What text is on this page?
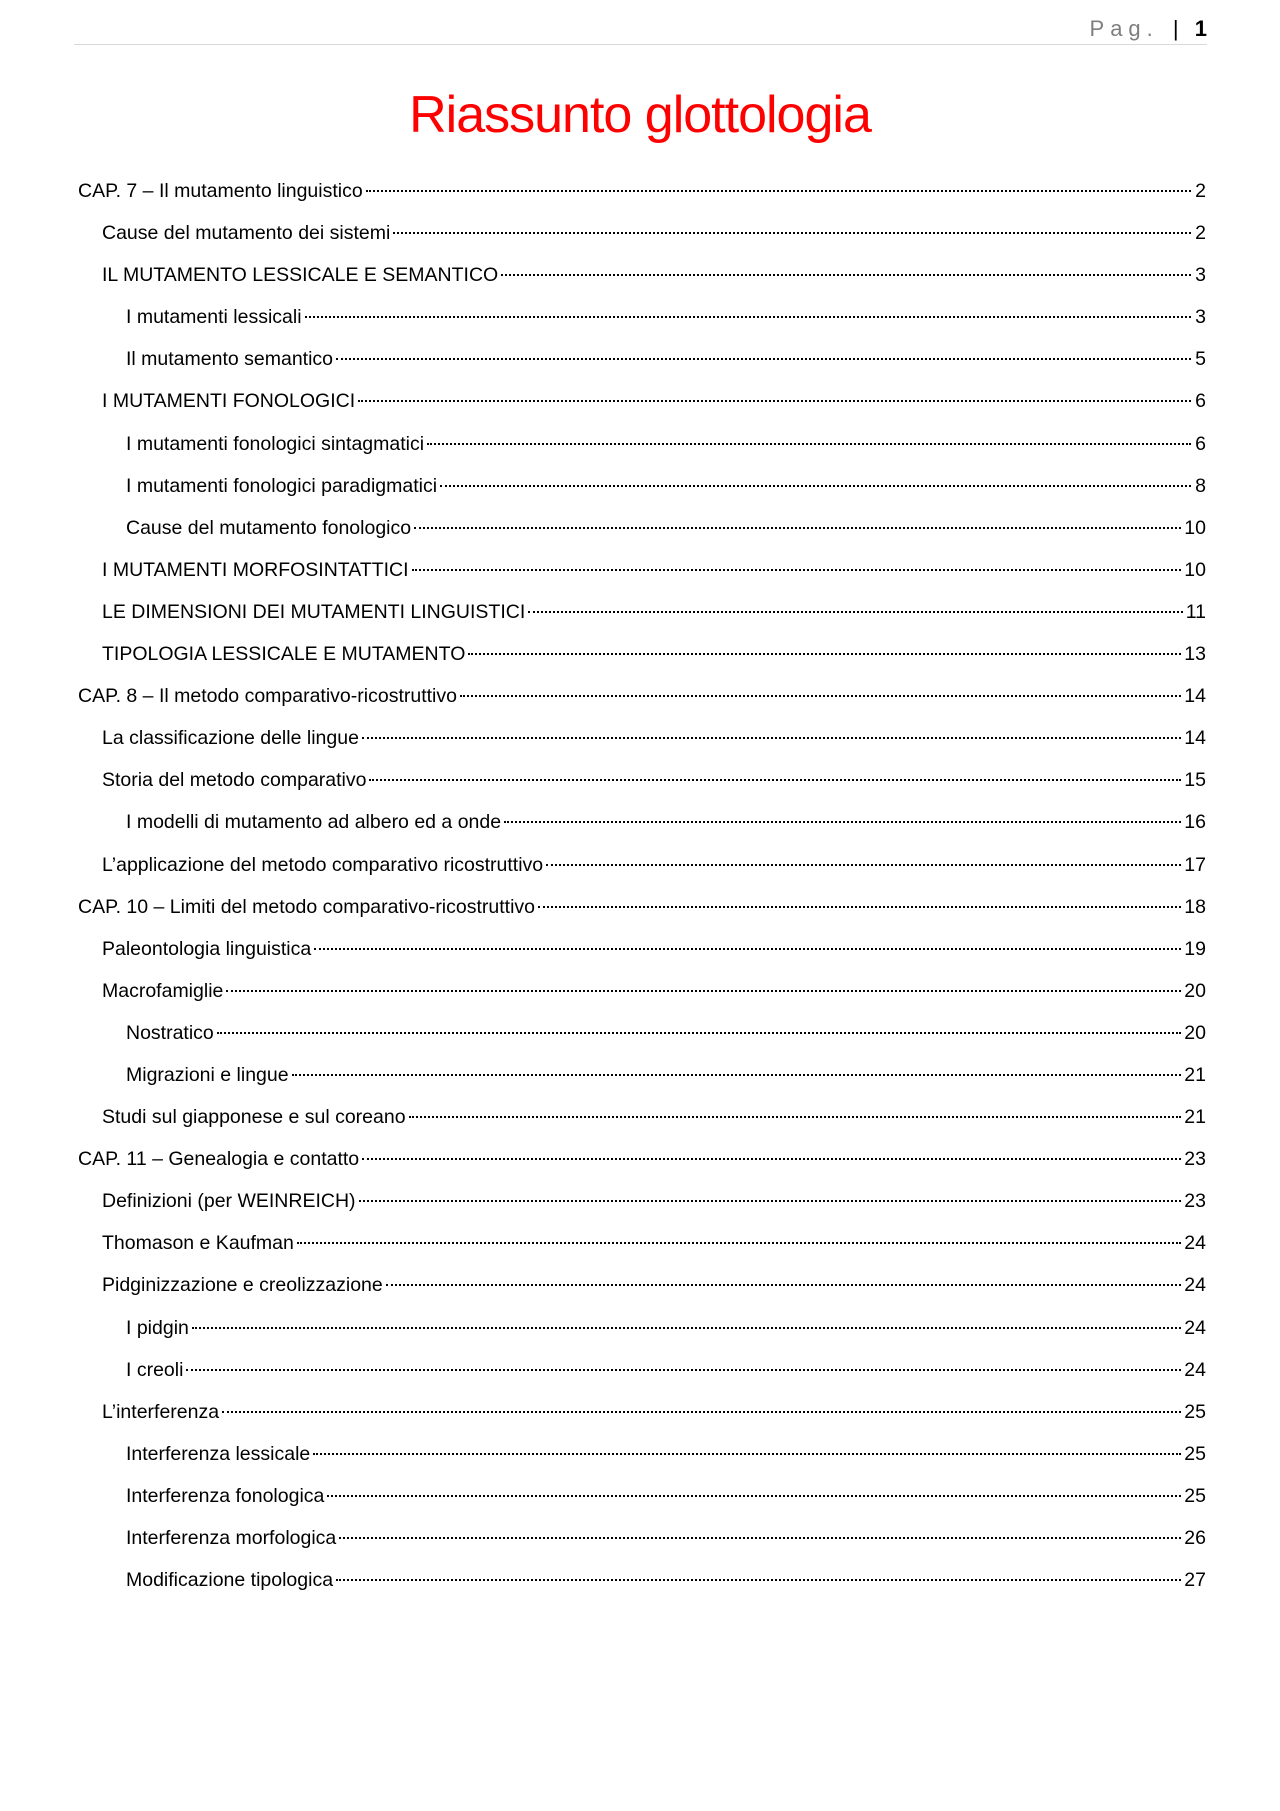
Pag. | 1
Riassunto glottologia
CAP. 7 – Il mutamento linguistico	2
Cause del mutamento dei sistemi	2
IL MUTAMENTO LESSICALE E SEMANTICO	3
I mutamenti lessicali	3
Il mutamento semantico	5
I MUTAMENTI FONOLOGICI	6
I mutamenti fonologici sintagmatici	6
I mutamenti fonologici paradigmatici	8
Cause del mutamento fonologico	10
I MUTAMENTI MORFOSINTATTICI	10
LE DIMENSIONI DEI MUTAMENTI LINGUISTICI	11
TIPOLOGIA LESSICALE E MUTAMENTO	13
CAP. 8 – Il metodo comparativo-ricostruttivo	14
La classificazione delle lingue	14
Storia del metodo comparativo	15
I modelli di mutamento ad albero ed a onde	16
L’applicazione del metodo comparativo ricostruttivo	17
CAP. 10 – Limiti del metodo comparativo-ricostruttivo	18
Paleontologia linguistica	19
Macrofamiglie	20
Nostratico	20
Migrazioni e lingue	21
Studi sul giapponese e sul coreano	21
CAP. 11 – Genealogia e contatto	23
Definizioni (per WEINREICH)	23
Thomason e Kaufman	24
Pidginizzazione e creolizzazione	24
I pidgin	24
I creoli	24
L’interferenza	25
Interferenza lessicale	25
Interferenza fonologica	25
Interferenza morfologica	26
Modificazione tipologica	27
